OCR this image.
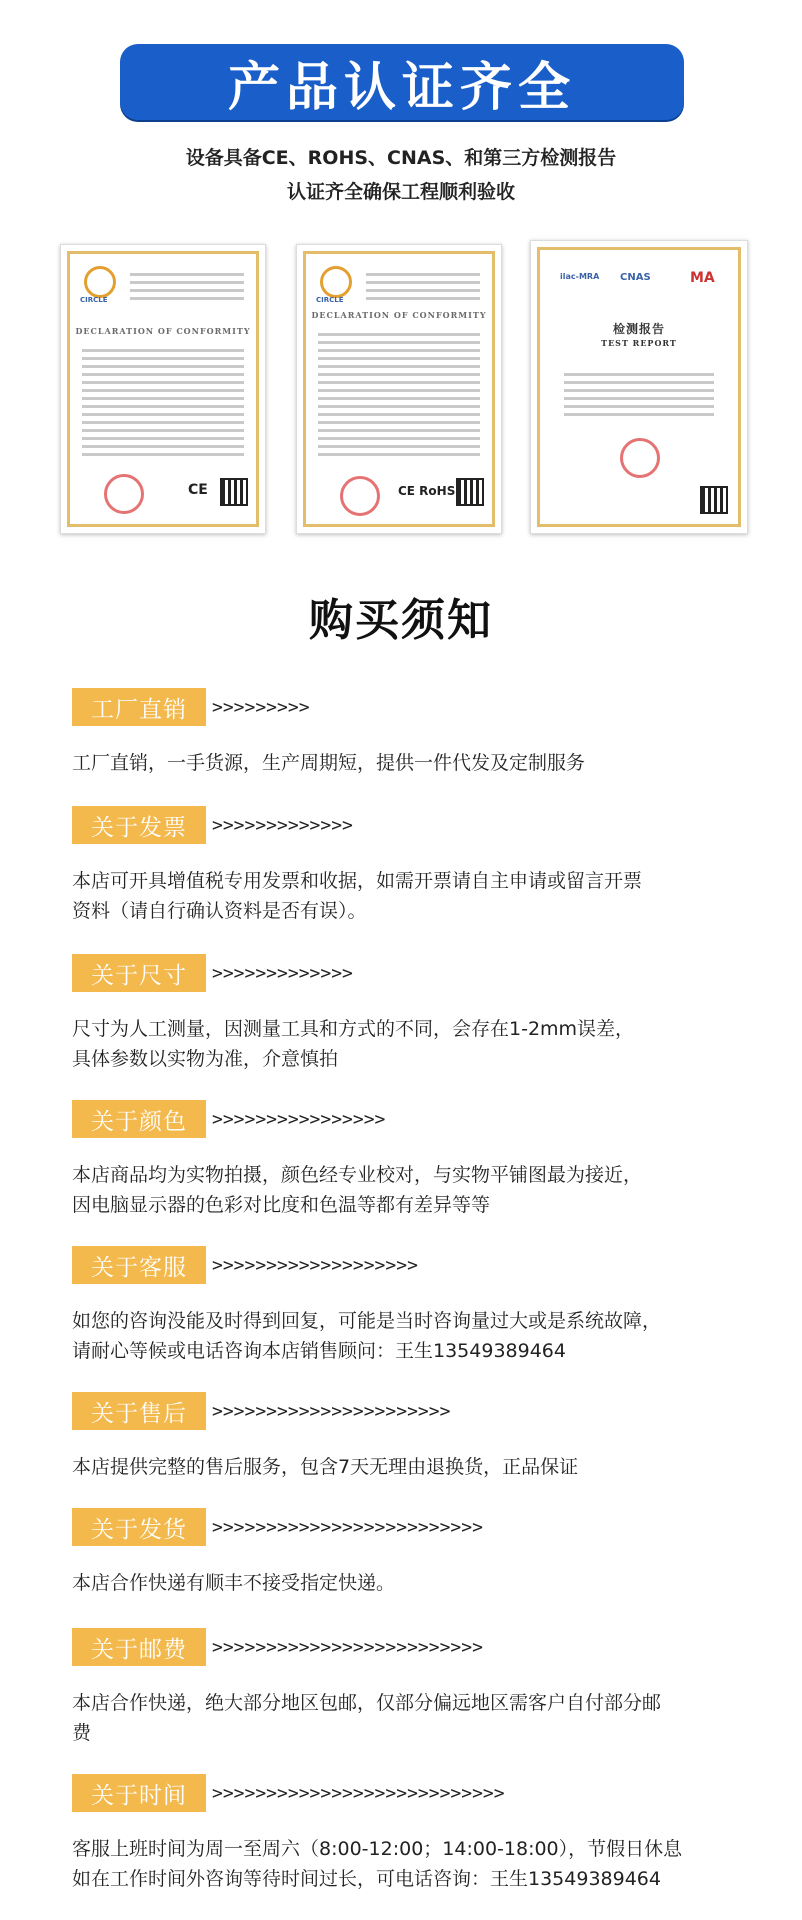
产品认证齐全
设备具备CE、ROHS、CNAS、和第三方检测报告
认证齐全确保工程顺利验收
CIRCLE
DECLARATION OF CONFORMITY
CE
CIRCLE
DECLARATION OF CONFORMITY
CE RoHS
ilac-MRA CNAS	MA
检测报告
TEST REPORT
购买须知
工厂直销	>>>>>>>>>
工厂直销，一手货源，生产周期短，提供一件代发及定制服务
关于发票	>>>>>>>>>>>>>
本店可开具增值税专用发票和收据，如需开票请自主申请或留言开票
资料（请自行确认资料是否有误）。
关于尺寸	>>>>>>>>>>>>>
尺寸为人工测量，因测量工具和方式的不同，会存在1-2mm误差，
具体参数以实物为准，介意慎拍
关于颜色	>>>>>>>>>>>>>>>>
本店商品均为实物拍摄，颜色经专业校对，与实物平铺图最为接近，
因电脑显示器的色彩对比度和色温等都有差异等等
关于客服	>>>>>>>>>>>>>>>>>>>
如您的咨询没能及时得到回复，可能是当时咨询量过大或是系统故障，
请耐心等候或电话咨询本店销售顾问：王生13549389464
关于售后	>>>>>>>>>>>>>>>>>>>>>>
本店提供完整的售后服务，包含7天无理由退换货，正品保证
关于发货	>>>>>>>>>>>>>>>>>>>>>>>>>
本店合作快递有顺丰不接受指定快递。
关于邮费	>>>>>>>>>>>>>>>>>>>>>>>>>
本店合作快递，绝大部分地区包邮，仅部分偏远地区需客户自付部分邮
费
关于时间	>>>>>>>>>>>>>>>>>>>>>>>>>>>
客服上班时间为周一至周六（8:00-12:00；14:00-18:00），节假日休息
如在工作时间外咨询等待时间过长，可电话咨询：王生13549389464
